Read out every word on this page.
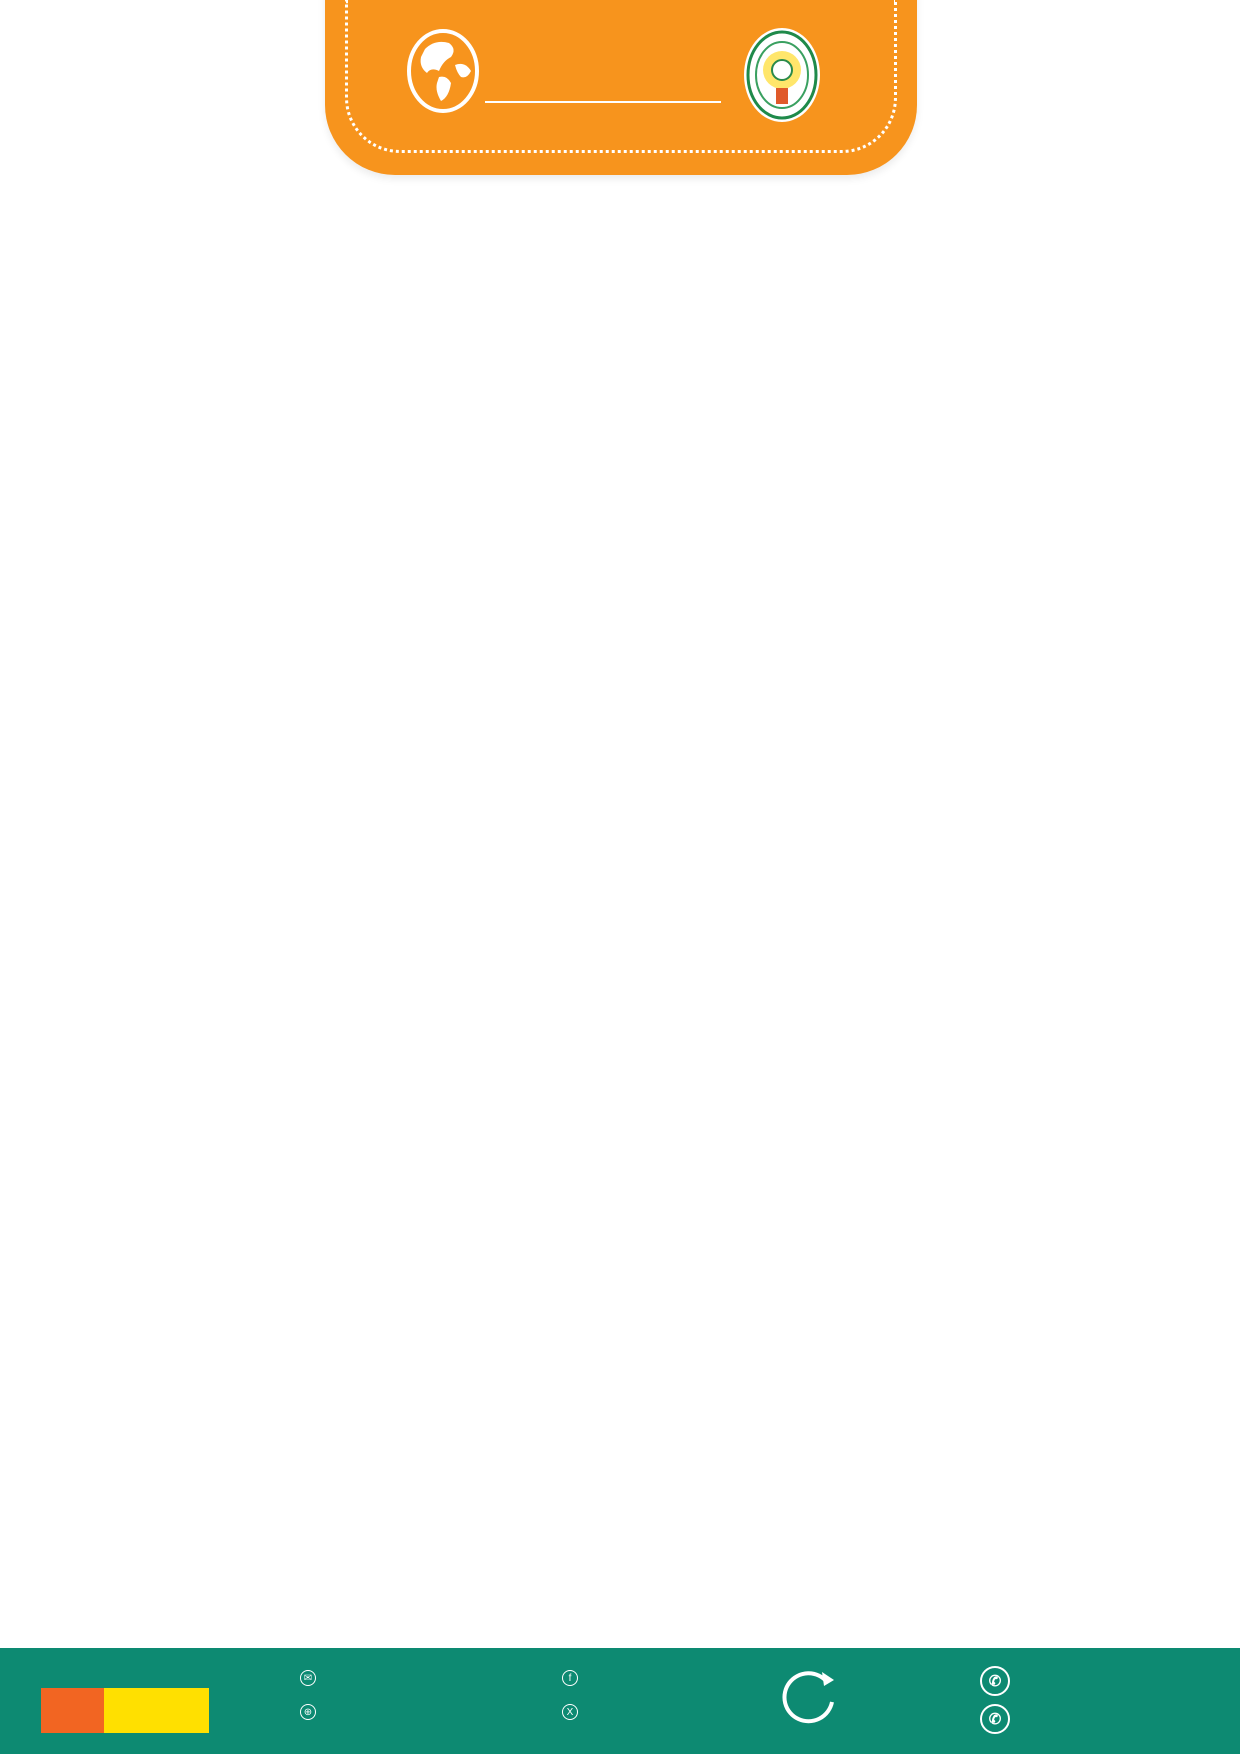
✉
⊕
f
X
✆
✆
